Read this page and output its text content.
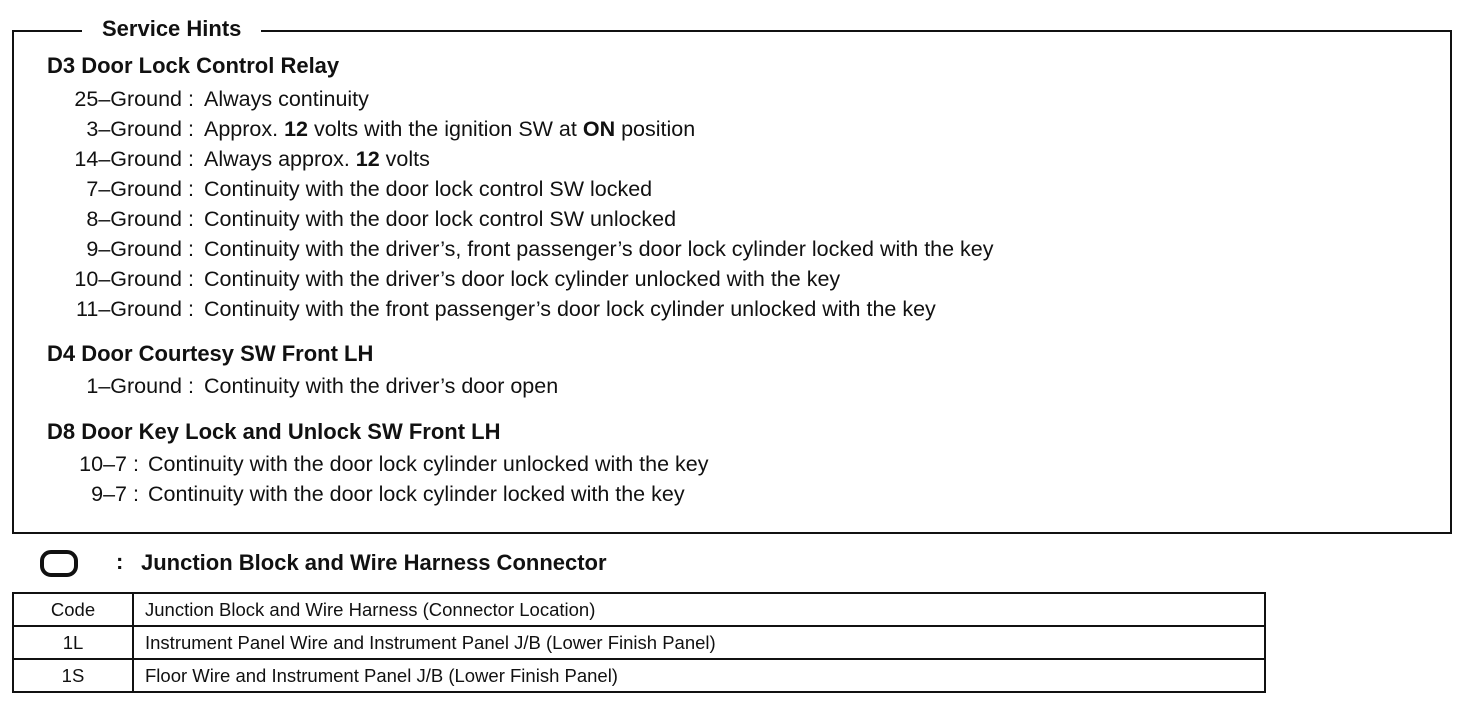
Service Hints
D3 Door Lock Control Relay
25–Ground : Always continuity
3–Ground : Approx. 12 volts with the ignition SW at ON position
14–Ground : Always approx. 12 volts
7–Ground : Continuity with the door lock control SW locked
8–Ground : Continuity with the door lock control SW unlocked
9–Ground : Continuity with the driver’s, front passenger’s door lock cylinder locked with the key
10–Ground : Continuity with the driver’s door lock cylinder unlocked with the key
11–Ground : Continuity with the front passenger’s door lock cylinder unlocked with the key
D4 Door Courtesy SW Front LH
1–Ground : Continuity with the driver’s door open
D8 Door Key Lock and Unlock SW Front LH
10–7 : Continuity with the door lock cylinder unlocked with the key
9–7 : Continuity with the door lock cylinder locked with the key
: Junction Block and Wire Harness Connector
Code	Junction Block and Wire Harness (Connector Location)
1L	Instrument Panel Wire and Instrument Panel J/B (Lower Finish Panel)
1S	Floor Wire and Instrument Panel J/B (Lower Finish Panel)
